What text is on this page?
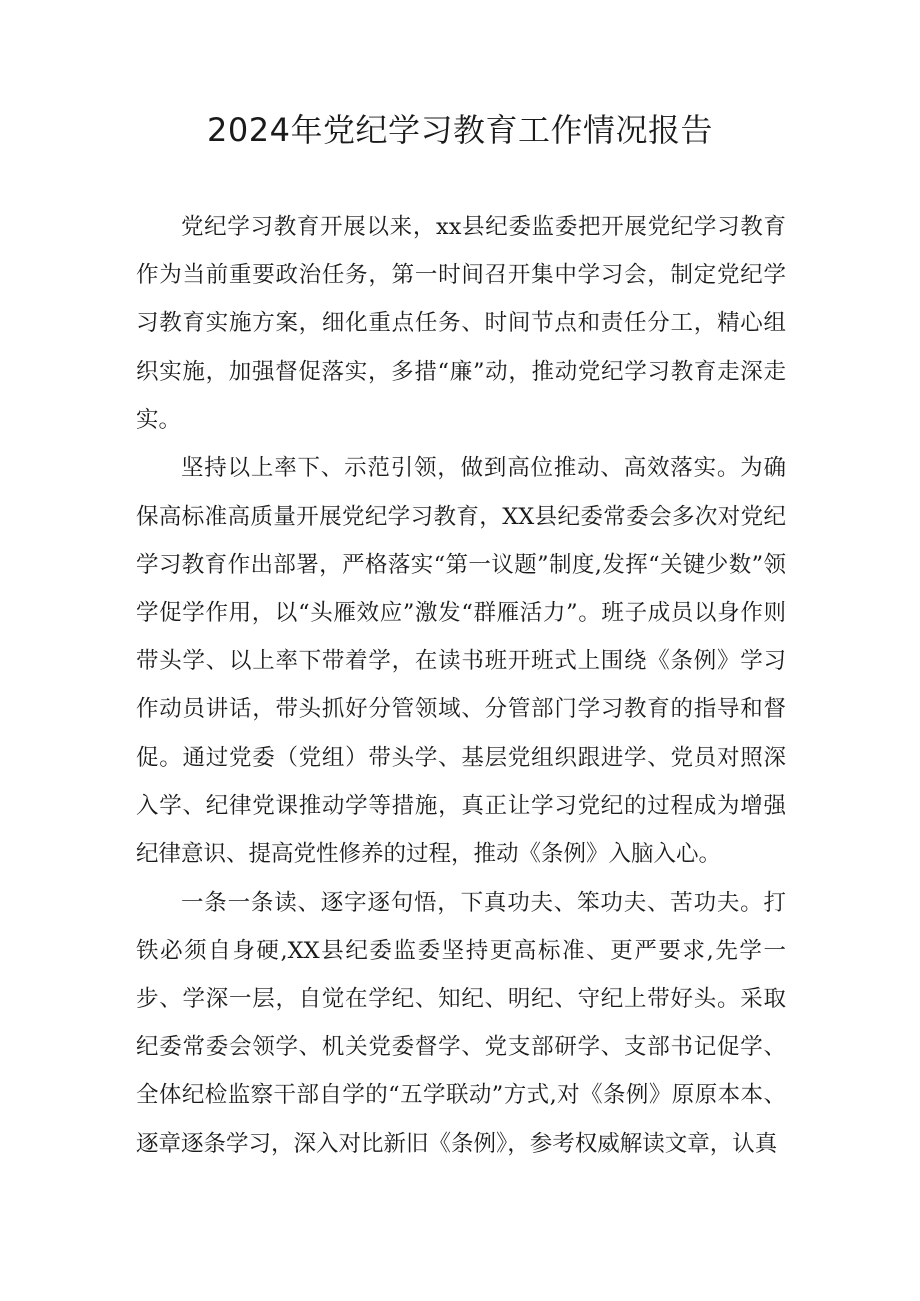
2024年党纪学习教育工作情况报告

党纪学习教育开展以来，xx县纪委监委把开展党纪学习教育作为当前重要政治任务，第一时间召开集中学习会，制定党纪学习教育实施方案，细化重点任务、时间节点和责任分工，精心组织实施，加强督促落实，多措“廉”动，推动党纪学习教育走深走实。

坚持以上率下、示范引领，做到高位推动、高效落实。为确保高标准高质量开展党纪学习教育，XX县纪委常委会多次对党纪学习教育作出部署，严格落实“第一议题”制度,发挥“关键少数”领学促学作用，以“头雁效应”激发“群雁活力”。班子成员以身作则带头学、以上率下带着学，在读书班开班式上围绕《条例》学习作动员讲话，带头抓好分管领域、分管部门学习教育的指导和督促。通过党委（党组）带头学、基层党组织跟进学、党员对照深入学、纪律党课推动学等措施，真正让学习党纪的过程成为增强纪律意识、提高党性修养的过程，推动《条例》入脑入心。

一条一条读、逐字逐句悟，下真功夫、笨功夫、苦功夫。打铁必须自身硬,XX县纪委监委坚持更高标准、更严要求,先学一步、学深一层，自觉在学纪、知纪、明纪、守纪上带好头。采取纪委常委会领学、机关党委督学、党支部研学、支部书记促学、全体纪检监察干部自学的“五学联动”方式,对《条例》原原本本、逐章逐条学习，深入对比新旧《条例》，参考权威解读文章，认真
